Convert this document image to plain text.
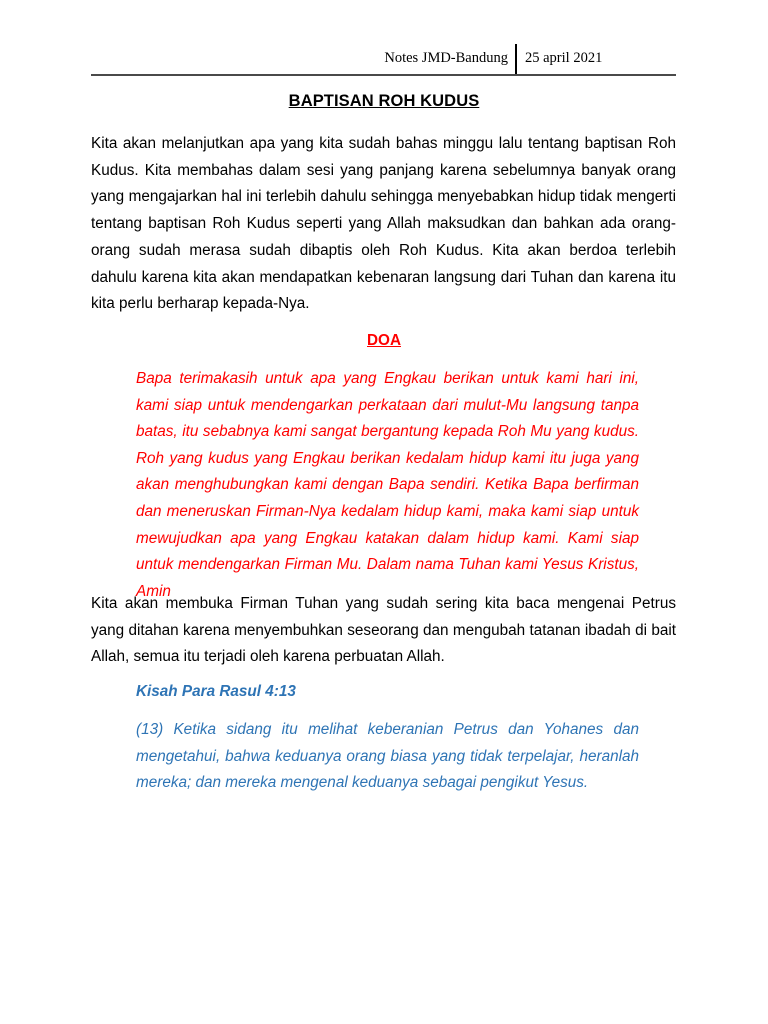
Notes JMD-Bandung 25 april 2021
BAPTISAN ROH KUDUS
Kita akan melanjutkan apa yang kita sudah bahas minggu lalu tentang baptisan Roh Kudus. Kita membahas dalam sesi yang panjang karena sebelumnya banyak orang yang mengajarkan hal ini terlebih dahulu sehingga menyebabkan hidup tidak mengerti tentang baptisan Roh Kudus seperti yang Allah maksudkan dan bahkan ada orang-orang sudah merasa sudah dibaptis oleh Roh Kudus. Kita akan berdoa terlebih dahulu karena kita akan mendapatkan kebenaran langsung dari Tuhan dan karena itu kita perlu berharap kepada-Nya.
DOA
Bapa terimakasih untuk apa yang Engkau berikan untuk kami hari ini, kami siap untuk mendengarkan perkataan dari mulut-Mu langsung tanpa batas, itu sebabnya kami sangat bergantung kepada Roh Mu yang kudus. Roh yang kudus yang Engkau berikan kedalam hidup kami itu juga yang akan menghubungkan kami dengan Bapa sendiri. Ketika Bapa berfirman dan meneruskan Firman-Nya kedalam hidup kami, maka kami siap untuk mewujudkan apa yang Engkau katakan dalam hidup kami. Kami siap untuk mendengarkan Firman Mu. Dalam nama Tuhan kami Yesus Kristus, Amin
Kita akan membuka Firman Tuhan yang sudah sering kita baca mengenai Petrus yang ditahan karena menyembuhkan seseorang dan mengubah tatanan ibadah di bait Allah, semua itu terjadi oleh karena perbuatan Allah.
Kisah Para Rasul 4:13
(13) Ketika sidang itu melihat keberanian Petrus dan Yohanes dan mengetahui, bahwa keduanya orang biasa yang tidak terpelajar, heranlah mereka; dan mereka mengenal keduanya sebagai pengikut Yesus.
